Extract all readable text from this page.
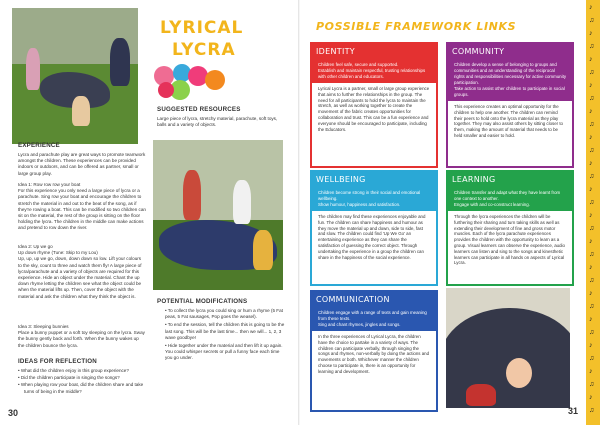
LYRICAL
LYCRA
SUGGESTED RESOURCES
Large piece of lycra, stretchy material, parachute, soft toys, balls and a variety of objects.
EXPERIENCE
Lycra and parachute play are great ways to promote teamwork amongst the children. These experiences can be provided indoors or outdoors, and can be offered as partner, small or large group play.
Idea 1: Row row row your boat
For this experience you only need a large piece of lycra or a parachute. Sing row your boat and encourage the children to stretch the material in and out to the beat of the song, as if they're rowing a boat. This can be modified so two children can sit on the material, the rest of the group is sitting on the floor holding the lycra. The children in the middle can make actions and pretend to row down the river.
Idea 2: Up we go
Up down rhyme (Tune: Skip to my Lou)
Up, up, up we go, down, down down so low. Lift your colours to the sky, count to three and watch them fly! A large piece of lycra/parachute and a variety of objects are required for this experience. Hide an object under the material. Chant the up down rhyme letting the children see what the object could be when the material lifts up. Then, cover the object with the material and ask the children what they think the object is.
Idea 3: Sleeping bunnies
Place a bunny puppet or a soft toy sleeping on the lycra. Sway the bunny gently back and forth. When the bunny wakes up the children bounce the lycra.
IDEAS FOR REFLECTION
• What did the children enjoy in this group experience?
• Did the children participate in singing the songs?
• When playing row your boat, did the children share and take turns of being in the middle?
POTENTIAL MODIFICATIONS
• To collect the lycra you could sing or hum a rhyme (5 Fat peas, 5 Fat sausages, Pop goes the weasel).
• To end the session, tell the children this is going to be the last song. This will be the last time... then we will... 1, 2, 3 wave goodbye!
• Hide together under the material and then lift it up again. You could whisper secrets or pull a funny face each time you go under.
30
POSSIBLE FRAMEWORK LINKS
IDENTITY
Children feel safe, secure and supported.
Establish and maintain respectful, trusting relationships with other children and educators.
Lyrical Lycra is a partner, small or large group experience that aims to further the relationships in the group. The need for all participants to hold the lycra to maintain the stretch, as well as working together to create the movement of the fabric creates opportunities for collaboration and trust. This can be a fun experience and everyone should be encouraged to participate, including the Educators.
COMMUNITY
Children develop a sense of belonging to groups and communities and an understanding of the reciprocal rights and responsibilities necessary for active community participation.
Take action to assist other children to participate in social groups.
This experience creates an optimal opportunity for the children to help one another. The children can remind their peers to hold onto the lycra material as they play together. They may also assist others by sitting closer to them, making the amount of material that needs to be held smaller and easier to hold.
WELLBEING
Children become strong in their social and emotional wellbeing.
Show humour, happiness and satisfaction.
The children may find these experiences enjoyable and fun. The children can share happiness and humour as they move the material up and down, side to side, fast and slow. The children could find 'Up We Go' an entertaining experience as they can share the satisfaction of guessing the correct object. Through undertaking the experience in a group the children can share in the happiness of the social experience.
LEARNING
Children transfer and adapt what they have learnt from one context to another.
Engage with and co-construct learning.
Through the lycra experiences the children will be furthering their sharing and turn taking skills as well as extending their development of fine and gross motor muscles. Each of the lycra parachute experiences provides the children with the opportunity to learn as a group. Visual learners can observe the experience, audio learners can listen and sing to the songs and kinesthetic learners can participate in all hands on aspects of Lyrical Lycra.
COMMUNICATION
Children engage with a range of texts and gain meaning from these texts.
Sing and chant rhymes, jingles and songs.
In the three experiences of Lyrical Lycra, the children have the choice to partake in a variety of ways. The children can participate verbally, through singing the songs and rhymes, non-verbally by doing the actions and movements or both. Whichever manner the children choose to participate in, there is an opportunity for learning and development.
31
♪
♫
♪
♫
♪
♫
♪
♫
♪
♫
♪
♫
♪
♫
♪
♫
♪
♫
♪
♫
♪
♫
♪
♫
♪
♫
♪
♫
♪
♫
♪
♫
